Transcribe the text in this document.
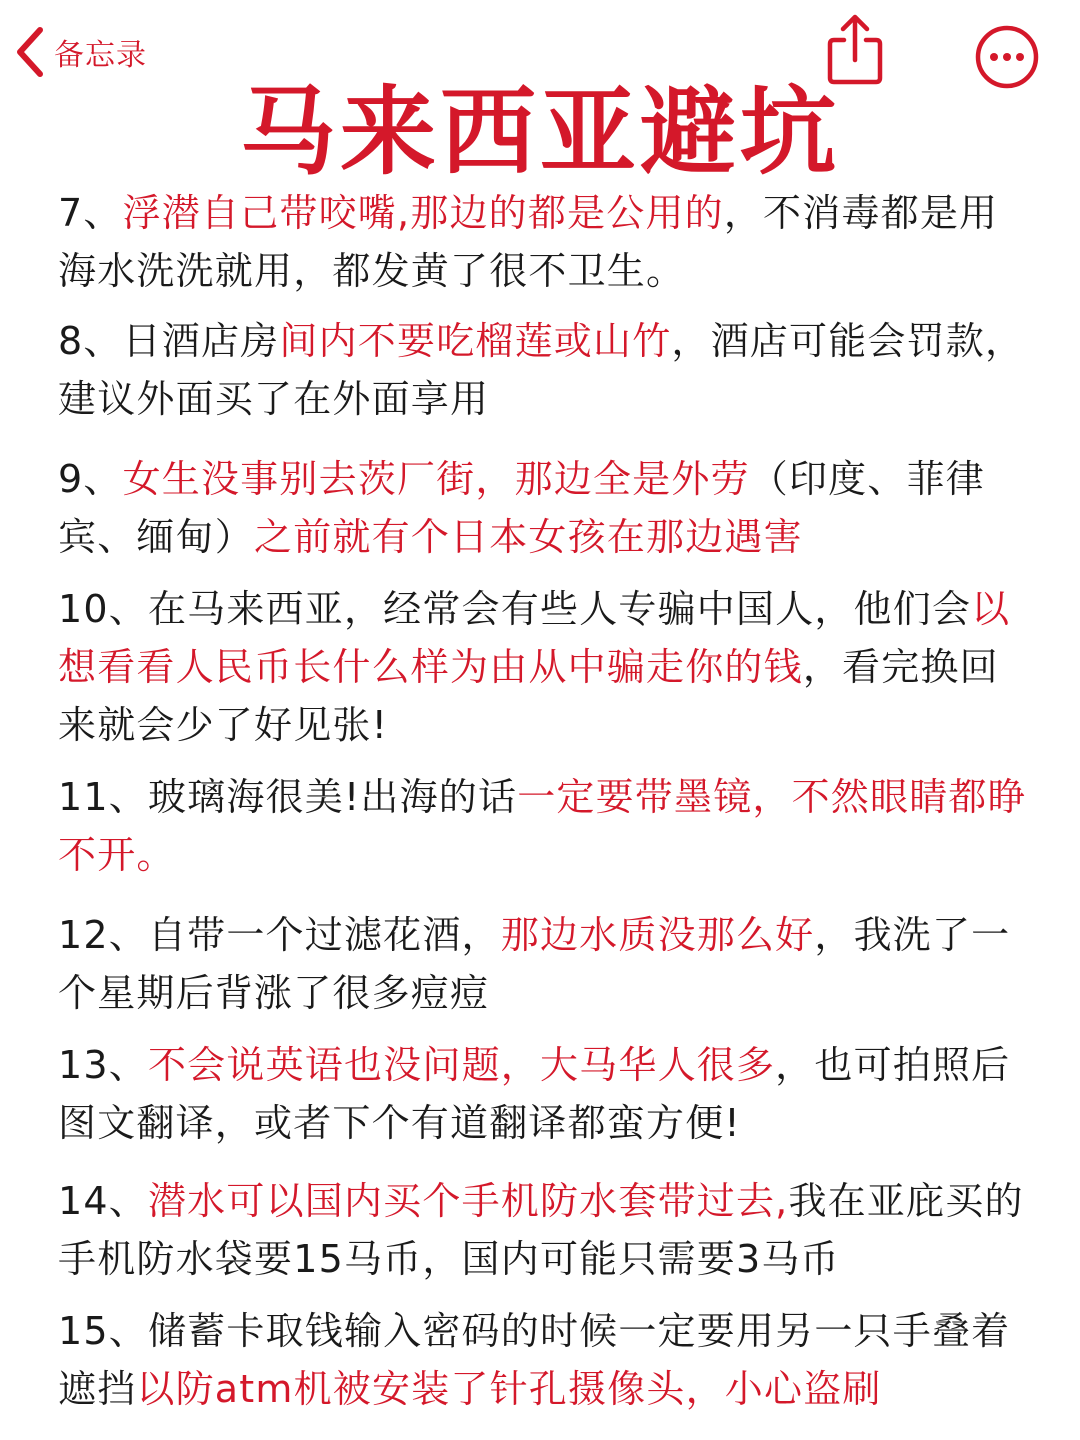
备忘录
马来西亚避坑

7、浮潜自己带咬嘴,那边的都是公用的，不消毒都是用海水洗洗就用，都发黄了很不卫生。

8、日酒店房间内不要吃榴莲或山竹，酒店可能会罚款，建议外面买了在外面享用

9、女生没事别去茨厂街，那边全是外劳（印度、菲律宾、缅甸）之前就有个日本女孩在那边遇害

10、在马来西亚，经常会有些人专骗中国人，他们会以想看看人民币长什么样为由从中骗走你的钱，看完换回来就会少了好见张!

11、玻璃海很美!出海的话一定要带墨镜，不然眼睛都睁不开。

12、自带一个过滤花酒，那边水质没那么好，我洗了一个星期后背涨了很多痘痘

13、不会说英语也没问题，大马华人很多，也可拍照后图文翻译，或者下个有道翻译都蛮方便!

14、潜水可以国内买个手机防水套带过去,我在亚庇买的手机防水袋要15马币，国内可能只需要3马币

15、储蓄卡取钱输入密码的时候一定要用另一只手叠着遮挡以防atm机被安装了针孔摄像头，小心盗刷
